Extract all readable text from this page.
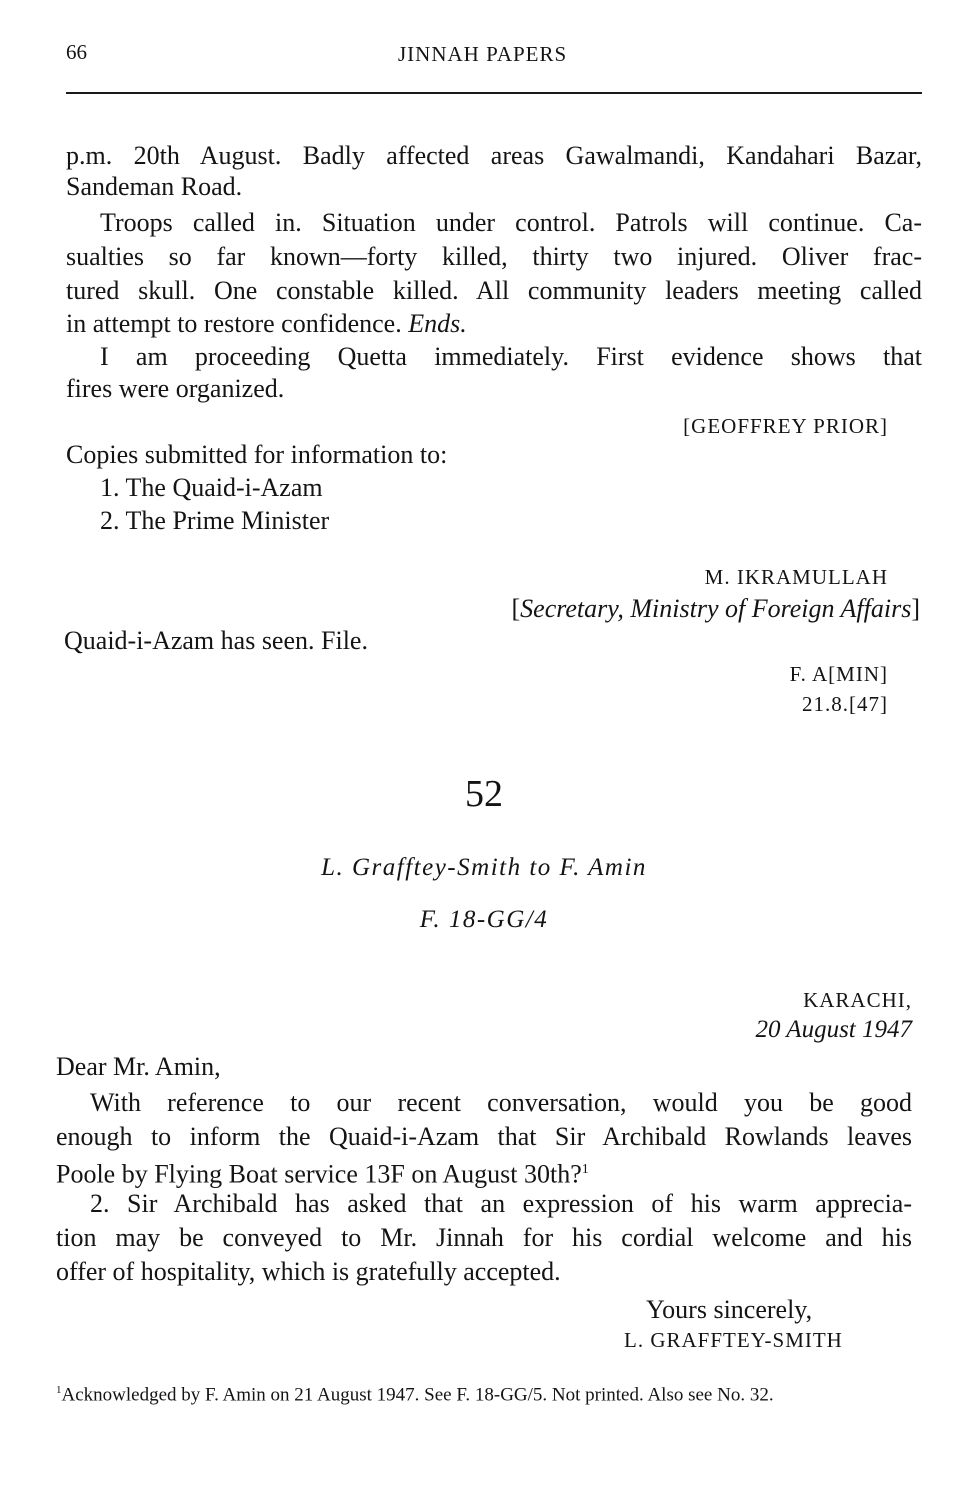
66	JINNAH PAPERS
p.m. 20th August. Badly affected areas Gawalmandi, Kandahari Bazar,
Sandeman Road.
Troops called in. Situation under control. Patrols will continue. Ca-
sualties so far known—forty killed, thirty two injured. Oliver frac-
tured skull. One constable killed. All community leaders meeting called
in attempt to restore confidence. Ends.
I am proceeding Quetta immediately. First evidence shows that
fires were organized.
[GEOFFREY PRIOR]
Copies submitted for information to:
1. The Quaid-i-Azam
2. The Prime Minister
M. IKRAMULLAH
[Secretary, Ministry of Foreign Affairs]
Quaid-i-Azam has seen. File.
F. A[MIN]
21.8.[47]
52
L. Grafftey-Smith to F. Amin
F. 18-GG/4
KARACHI,
20 August 1947
Dear Mr. Amin,
With reference to our recent conversation, would you be good
enough to inform the Quaid-i-Azam that Sir Archibald Rowlands leaves
Poole by Flying Boat service 13F on August 30th?$^1$
2. Sir Archibald has asked that an expression of his warm apprecia-
tion may be conveyed to Mr. Jinnah for his cordial welcome and his
offer of hospitality, which is gratefully accepted.
Yours sincerely,
L. GRAFFTEY-SMITH
$^1$Acknowledged by F. Amin on 21 August 1947. See F. 18-GG/5. Not printed. Also see No. 32.
